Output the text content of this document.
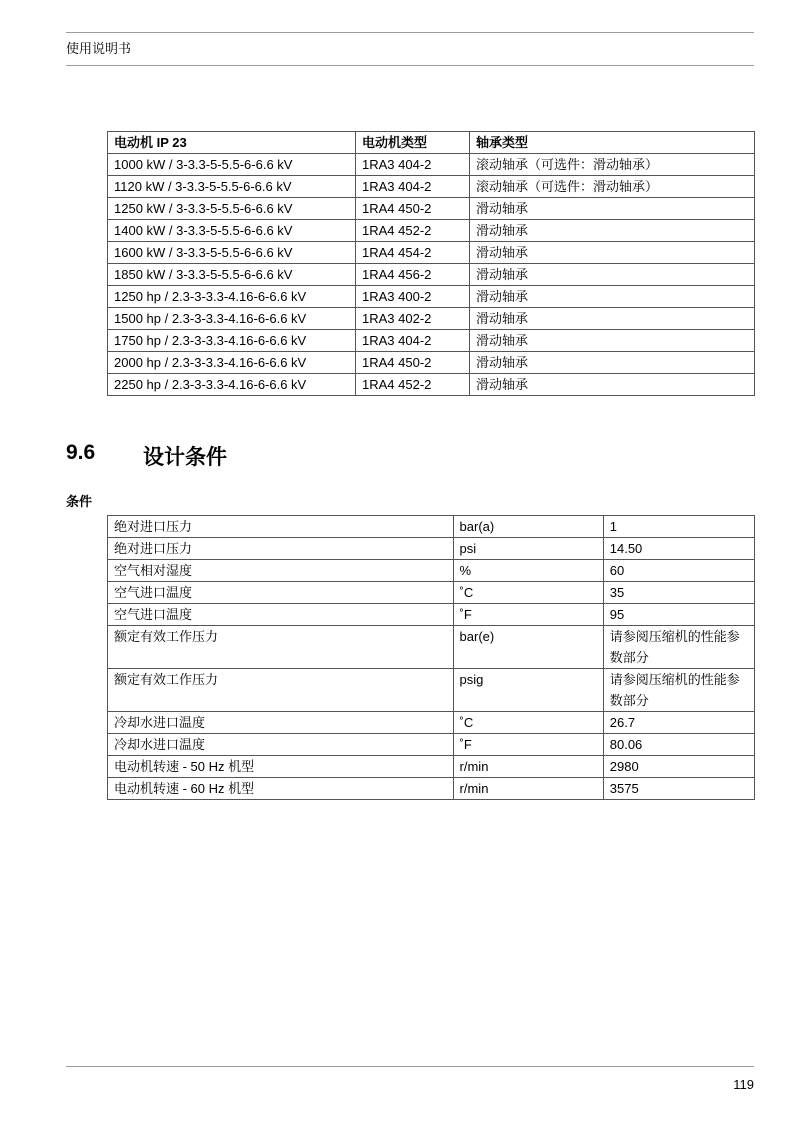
使用说明书
电动机 IP 23	电动机类型	轴承类型
1000 kW / 3-3.3-5-5.5-6-6.6 kV	1RA3 404-2	滚动轴承（可选件：滑动轴承）
1120 kW / 3-3.3-5-5.5-6-6.6 kV	1RA3 404-2	滚动轴承（可选件：滑动轴承）
1250 kW / 3-3.3-5-5.5-6-6.6 kV	1RA4 450-2	滑动轴承
1400 kW / 3-3.3-5-5.5-6-6.6 kV	1RA4 452-2	滑动轴承
1600 kW / 3-3.3-5-5.5-6-6.6 kV	1RA4 454-2	滑动轴承
1850 kW / 3-3.3-5-5.5-6-6.6 kV	1RA4 456-2	滑动轴承
1250 hp / 2.3-3-3.3-4.16-6-6.6 kV	1RA3 400-2	滑动轴承
1500 hp / 2.3-3-3.3-4.16-6-6.6 kV	1RA3 402-2	滑动轴承
1750 hp / 2.3-3-3.3-4.16-6-6.6 kV	1RA3 404-2	滑动轴承
2000 hp / 2.3-3-3.3-4.16-6-6.6 kV	1RA4 450-2	滑动轴承
2250 hp / 2.3-3-3.3-4.16-6-6.6 kV	1RA4 452-2	滑动轴承
9.6 设计条件
条件
绝对进口压力	bar(a)	1
绝对进口压力	psi	14.50
空气相对湿度	%	60
空气进口温度	˚C	35
空气进口温度	˚F	95
额定有效工作压力	bar(e)	请参阅压缩机的性能参数部分
额定有效工作压力	psig	请参阅压缩机的性能参数部分
冷却水进口温度	˚C	26.7
冷却水进口温度	˚F	80.06
电动机转速 - 50 Hz 机型	r/min	2980
电动机转速 - 60 Hz 机型	r/min	3575
119
